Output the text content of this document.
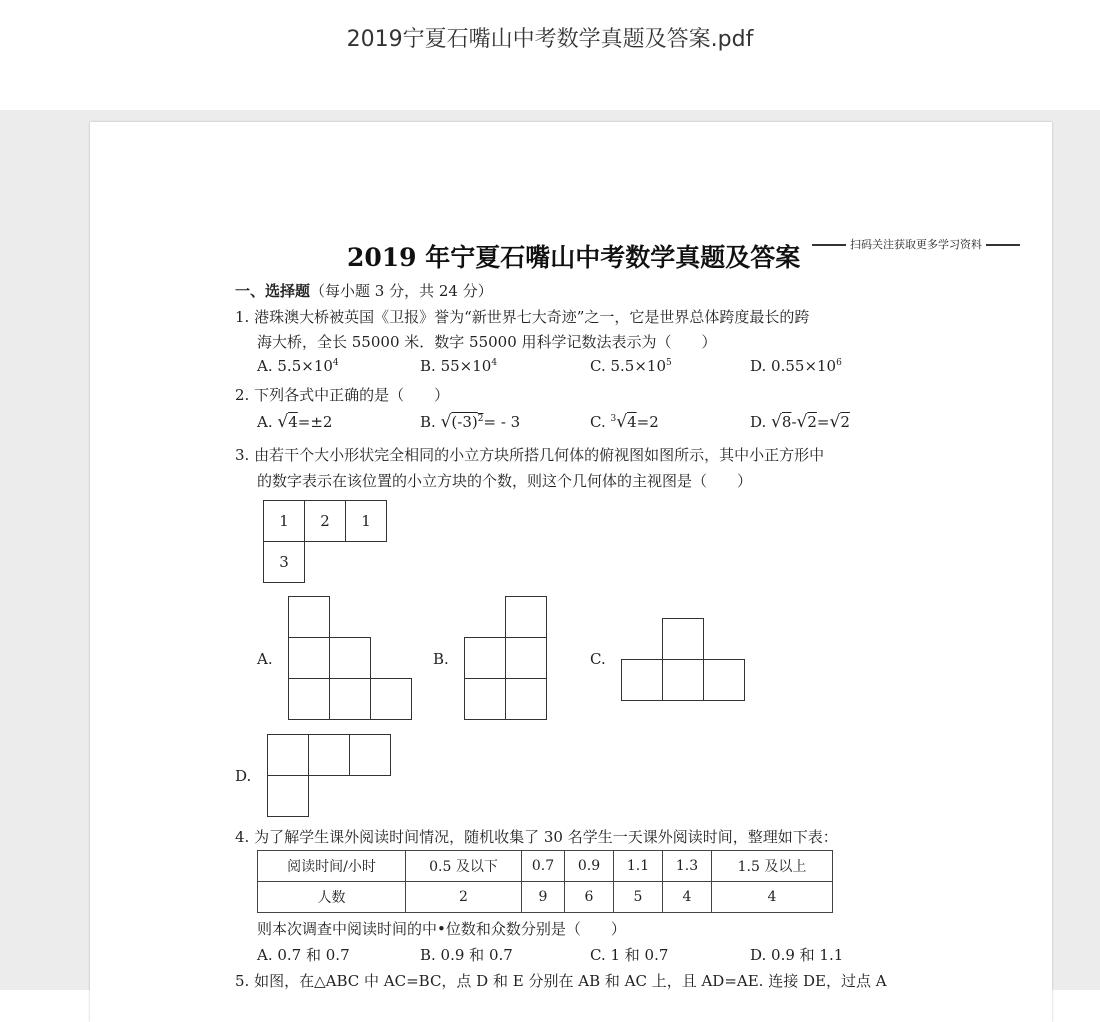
2019宁夏石嘴山中考数学真题及答案.pdf
2019 年宁夏石嘴山中考数学真题及答案	扫码关注获取更多学习资料
一、选择题（每小题 3 分，共 24 分）
1. 港珠澳大桥被英国《卫报》誉为“新世界七大奇迹”之一，它是世界总体跨度最长的跨
海大桥，全长 55000 米．数字 55000 用科学记数法表示为（　　）
A. $5.5\times 10^4$	B. $55\times 10^4$	C. $5.5\times 10^5$	D. $0.55\times 10^6$
2. 下列各式中正确的是（　　）
A. √4=±2	B. $√(-3)^2= - 3$	C. $^3$√4=2	D. √8-√2=√2
3. 由若干个大小形状完全相同的小立方块所搭几何体的俯视图如图所示，其中小正方形中
的数字表示在该位置的小立方块的个数，则这个几何体的主视图是（　　）
1	2	1
3
A.	B.	C.
D.
4. 为了解学生课外阅读时间情况，随机收集了 30 名学生一天课外阅读时间，整理如下表：
阅读时间/小时	0.5 及以下	0.7	0.9	1.1	1.3	1.5 及以上
人数	2	9	6	5	4	4
则本次调查中阅读时间的中•位数和众数分别是（　　）
A. 0.7 和 0.7	B. 0.9 和 0.7	C. 1 和 0.7	D. 0.9 和 1.1
5. 如图，在△ABC 中 AC=BC，点 D 和 E 分别在 AB 和 AC 上，且 AD=AE. 连接 DE，过点 A
